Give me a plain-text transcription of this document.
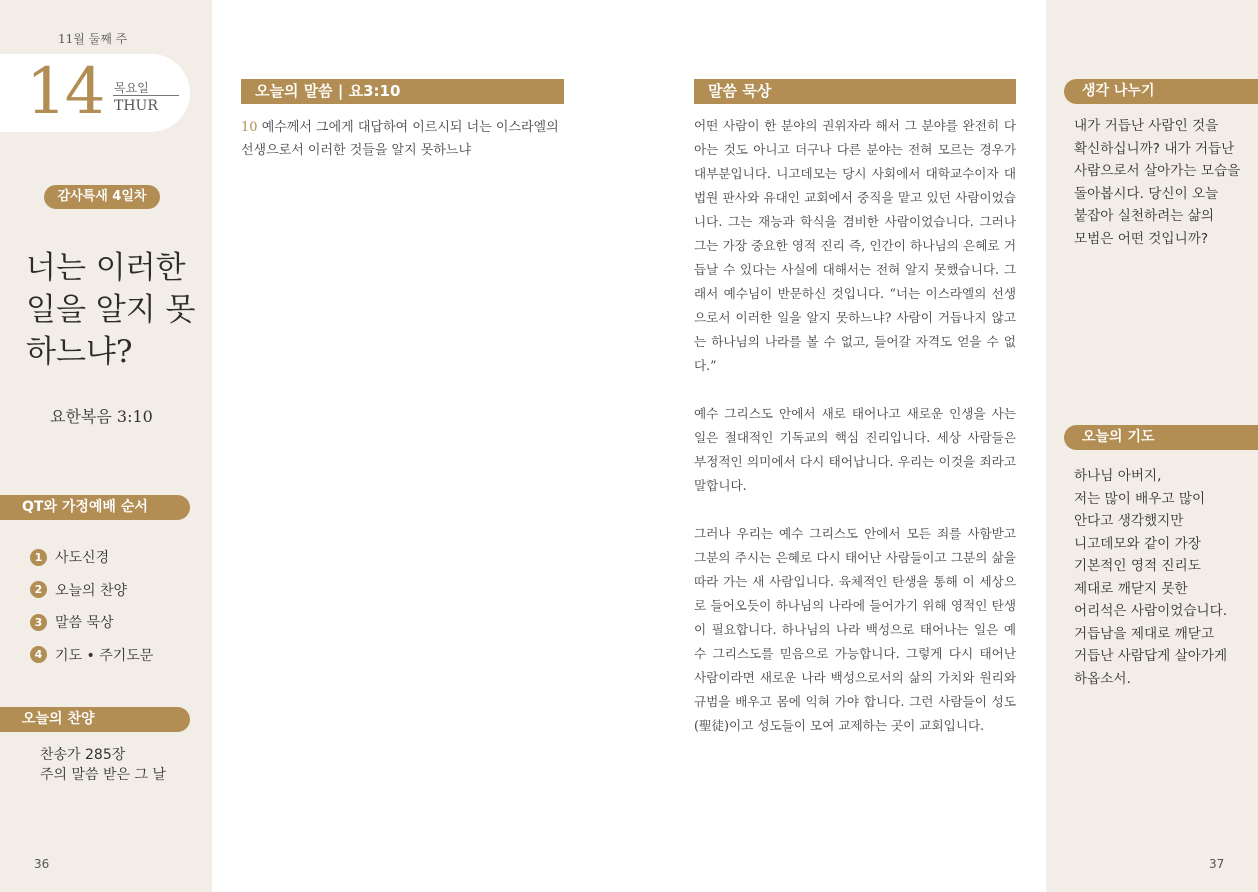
11월 둘째 주
14 목요일
THUR
감사특새 4일차
너는 이러한 일을 알지 못하느냐?
요한복음 3:10
QT와 가정예배 순서
1 사도신경
2 오늘의 찬양
3 말씀 묵상
4 기도 • 주기도문
오늘의 찬양
찬송가 285장
주의 말씀 받은 그 날
36
오늘의 말씀 | 요3:10
10 예수께서 그에게 대답하여 이르시되 너는 이스라엘의 선생으로서 이러한 것들을 알지 못하느냐
말씀 묵상

어떤 사람이 한 분야의 권위자라 해서 그 분야를 완전히 다 아는 것도 아니고 더구나 다른 분야는 전혀 모르는 경우가 대부분입니다. 니고데모는 당시 사회에서 대학교수이자 대법원 판사와 유대인 교회에서 중직을 맡고 있던 사람이었습니다. 그는 재능과 학식을 겸비한 사람이었습니다. 그러나 그는 가장 중요한 영적 진리 즉, 인간이 하나님의 은혜로 거듭날 수 있다는 사실에 대해서는 전혀 알지 못했습니다. 그래서 예수님이 반문하신 것입니다. “너는 이스라엘의 선생으로서 이러한 일을 알지 못하느냐? 사람이 거듭나지 않고는 하나님의 나라를 볼 수 없고, 들어갈 자격도 얻을 수 없다.”

예수 그리스도 안에서 새로 태어나고 새로운 인생을 사는 일은 절대적인 기독교의 핵심 진리입니다. 세상 사람들은 부정적인 의미에서 다시 태어납니다. 우리는 이것을 죄라고 말합니다.

그러나 우리는 예수 그리스도 안에서 모든 죄를 사함받고 그분의 주시는 은혜로 다시 태어난 사람들이고 그분의 삶을 따라 가는 새 사람입니다. 육체적인 탄생을 통해 이 세상으로 들어오듯이 하나님의 나라에 들어가기 위해 영적인 탄생이 필요합니다. 하나님의 나라 백성으로 태어나는 일은 예수 그리스도를 믿음으로 가능합니다. 그렇게 다시 태어난 사람이라면 새로운 나라 백성으로서의 삶의 가치와 원리와 규범을 배우고 몸에 익혀 가야 합니다. 그런 사람들이 성도(聖徒)이고 성도들이 모여 교제하는 곳이 교회입니다.

생각 나누기
내가 거듭난 사람인 것을
확신하십니까? 내가 거듭난
사람으로서 살아가는 모습을
돌아봅시다. 당신이 오늘
붙잡아 실천하려는 삶의
모범은 어떤 것입니까?
오늘의 기도
하나님 아버지,
저는 많이 배우고 많이
안다고 생각했지만
니고데모와 같이 가장
기본적인 영적 진리도
제대로 깨닫지 못한
어리석은 사람이었습니다.
거듭남을 제대로 깨닫고
거듭난 사람답게 살아가게
하옵소서.
37
